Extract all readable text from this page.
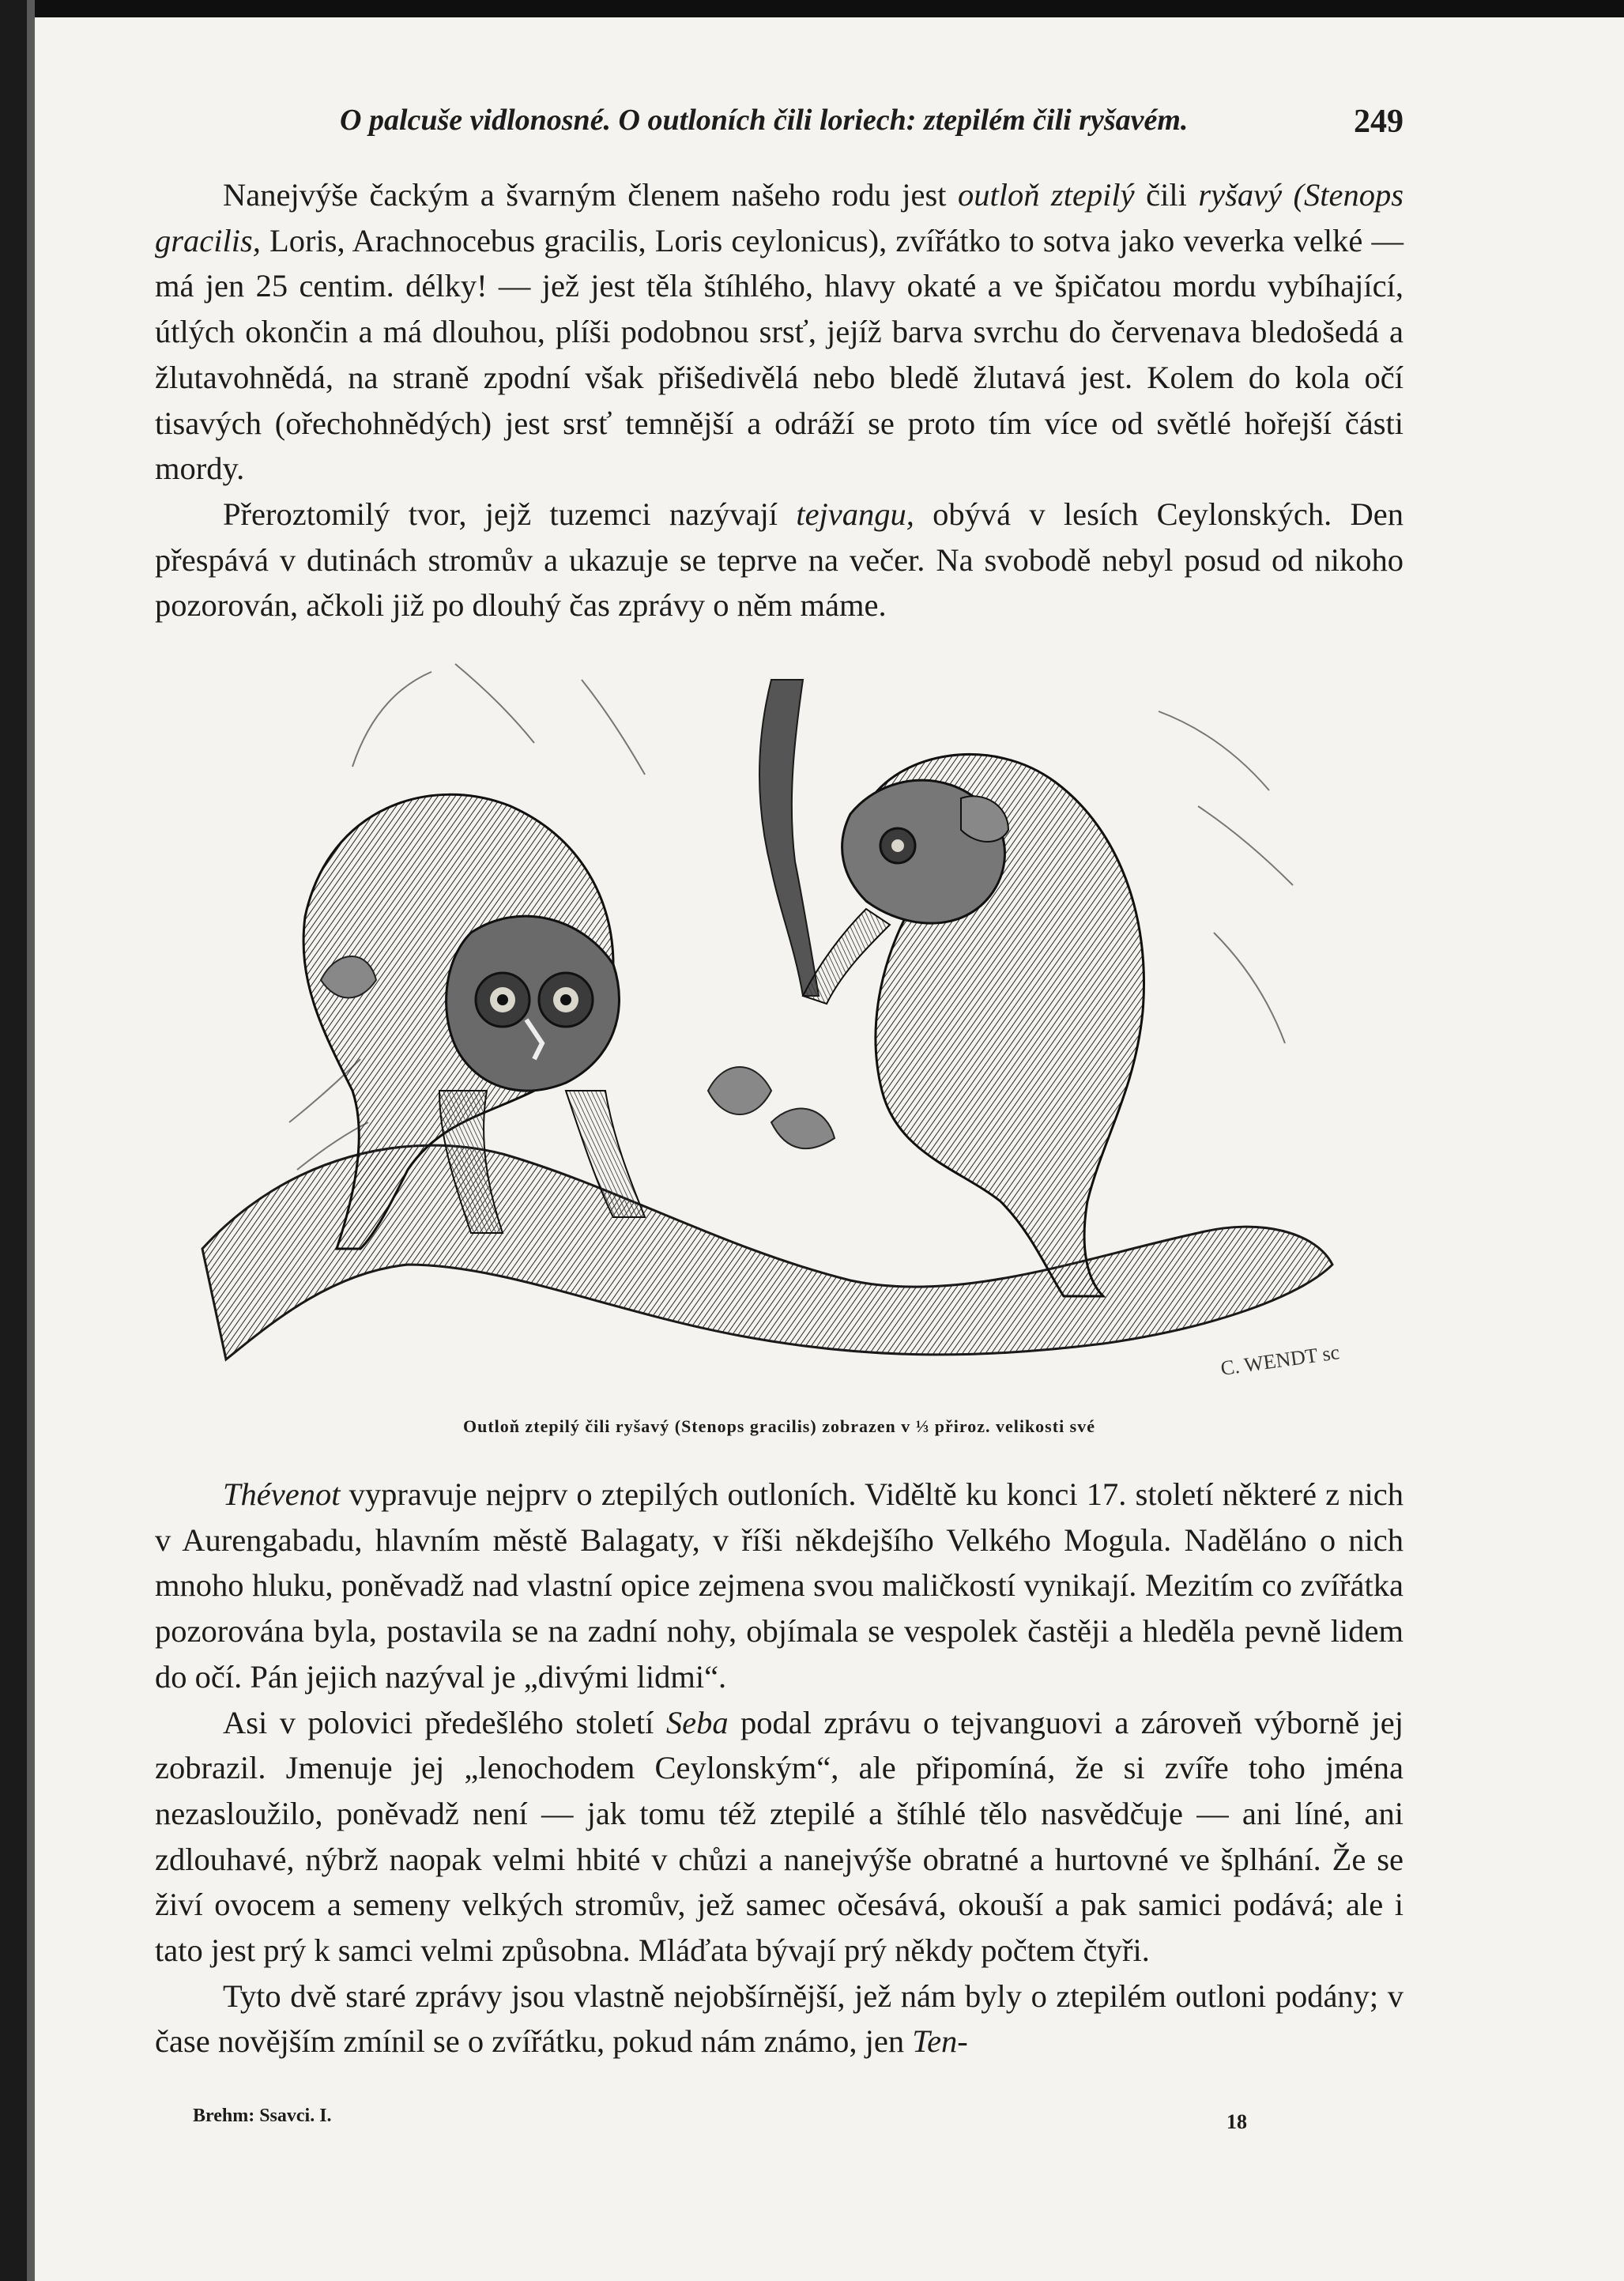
O palcuše vidlonosné. O outloních čili loriech: ztepilém čili ryšavém.	249

Nanejvýše čackým a švarným členem našeho rodu jest outloň ztepilý čili ryšavý (Stenops gracilis, Loris, Arachnocebus gracilis, Loris ceylonicus), zvířátko to sotva jako veverka velké — má jen 25 centim. délky! — jež jest těla štíhlého, hlavy okaté a ve špičatou mordu vybíhající, útlých okončin a má dlouhou, plíši podobnou srsť, jejíž barva svrchu do červenava bledošedá a žlutavohnědá, na straně zpodní však přišedivělá nebo bledě žlutavá jest. Kolem do kola očí tisavých (ořechohnědých) jest srsť temnější a odráží se proto tím více od světlé hořejší části mordy.

Přeroztomilý tvor, jejž tuzemci nazývají tejvangu, obývá v lesích Ceylonských. Den přespává v dutinách stromův a ukazuje se teprve na večer. Na svobodě nebyl posud od nikoho pozorován, ačkoli již po dlouhý čas zprávy o něm máme.

C. WENDT sc
Outloň ztepilý čili ryšavý (Stenops gracilis) zobrazen v ⅓ přiroz. velikosti své

Thévenot vypravuje nejprv o ztepilých outloních. Viděltě ku konci 17. století některé z nich v Aurengabadu, hlavním městě Balagaty, v říši někdejšího Velkého Mogula. Naděláno o nich mnoho hluku, poněvadž nad vlastní opice zejmena svou maličkostí vynikají. Mezitím co zvířátka pozorována byla, postavila se na zadní nohy, objímala se vespolek častěji a hleděla pevně lidem do očí. Pán jejich nazýval je „divými lidmi“.

Asi v polovici předešlého století Seba podal zprávu o tejvanguovi a zároveň výborně jej zobrazil. Jmenuje jej „lenochodem Ceylonským“, ale připomíná, že si zvíře toho jména nezasloužilo, poněvadž není — jak tomu též ztepilé a štíhlé tělo nasvědčuje — ani líné, ani zdlouhavé, nýbrž naopak velmi hbité v chůzi a nanejvýše obratné a hurtovné ve šplhání. Že se živí ovocem a semeny velkých stromův, jež samec očesává, okouší a pak samici podává; ale i tato jest prý k samci velmi způsobna. Mláďata bývají prý někdy počtem čtyři.

Tyto dvě staré zprávy jsou vlastně nejobšírnější, jež nám byly o ztepilém outloni podány; v čase novějším zmínil se o zvířátku, pokud nám známo, jen Ten-

Brehm: Ssavci. I.	18
